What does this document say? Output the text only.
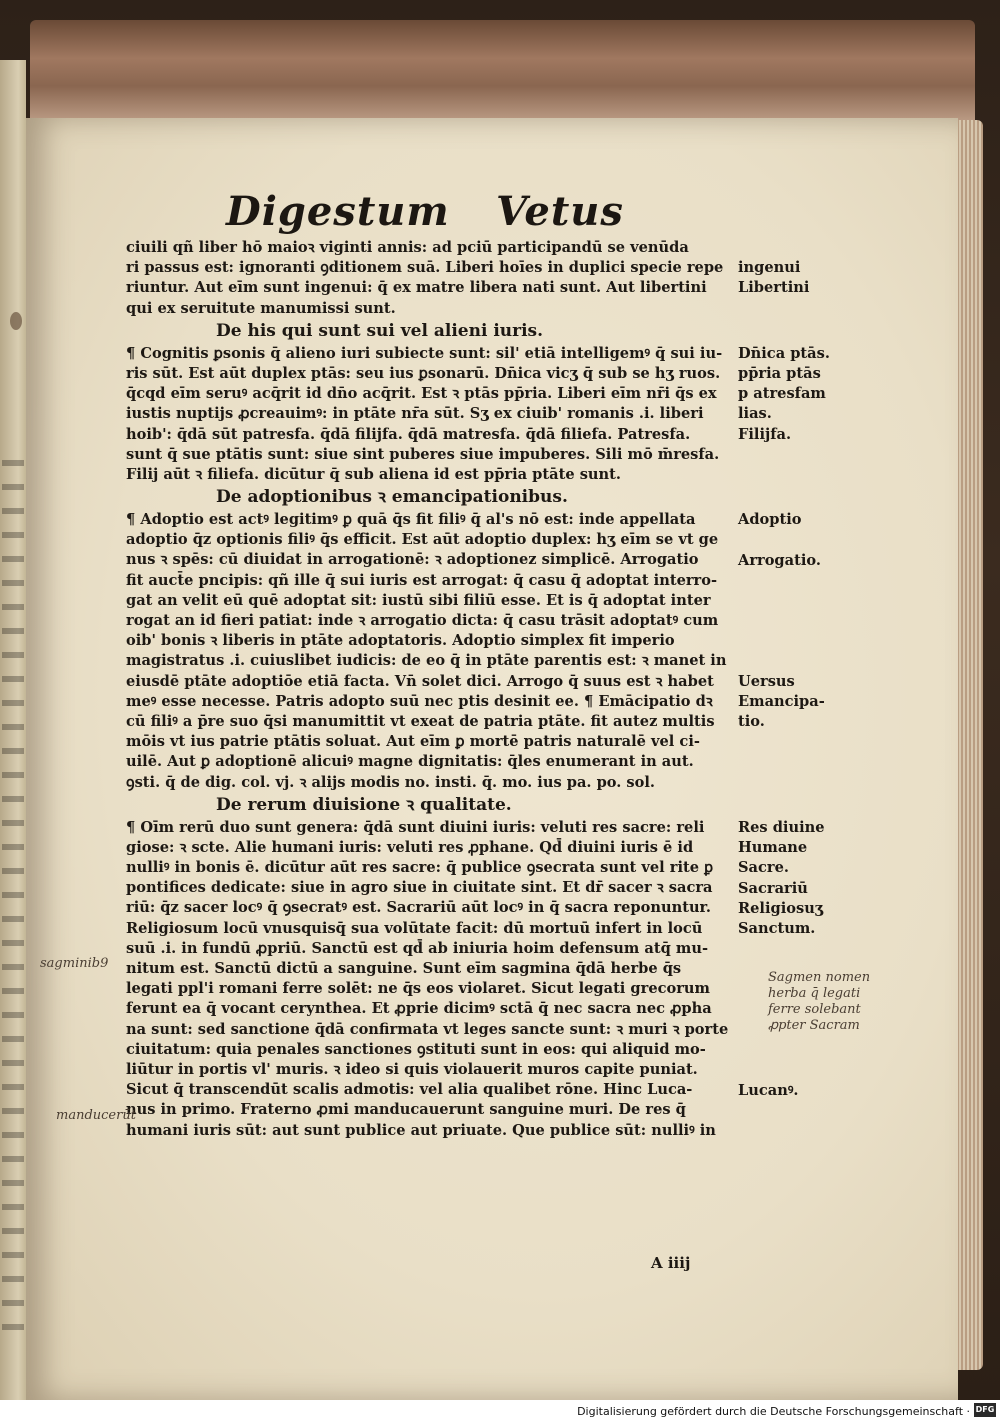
Digestum Vetus
ciuili qñ liber hō maioꝛ viginti annis: ad pciū participandū se venūda
ri passus est: ignoranti ꝯditionem suā. Liberi hoīes in duplici specie repe
riuntur. Aut eīm sunt ingenui: q̄ ex matre libera nati sunt. Aut libertini
qui ex seruitute manumissi sunt.
De his qui sunt sui vel alieni iuris.
¶ Cognitis ꝑsonis q̄ alieno iuri subiecte sunt: sil' etiā intelligemꝰ q̄ sui iu-
ris sūt. Est aūt duplex ptās: seu ius ꝑsonarū. Dn̄ica vicʒ q̄ sub se hʒ ruos.
q̄cqd eīm seruꝰ acq̄rit id dn̄o acq̄rit. Est ꝛ ptās pp̄ria. Liberi eīm nr̄i q̄s ex
iustis nuptijs ꝓcreauimꝰ: in ptāte nr̄a sūt. Sʒ ex ciuib' romanis .i. liberi
hoib': q̄dā sūt patresfa. q̄dā filijfa. q̄dā matresfa. q̄dā filiefa. Patresfa.
sunt q̄ sue ptātis sunt: siue sint puberes siue impuberes. Sili mō m̄resfa.
Filij aūt ꝛ filiefa. dicūtur q̄ sub aliena id est pp̄ria ptāte sunt.
De adoptionibus ꝛ emancipationibus.
¶ Adoptio est actꝰ legitimꝰ ꝑ quā q̄s fit filiꝰ q̄ al's nō est: inde appellata
adoptio q̄z optionis filiꝰ q̄s efficit. Est aūt adoptio duplex: hʒ eīm se vt ge
nus ꝛ spēs: cū diuidat in arrogationē: ꝛ adoptionez simplicē. Arrogatio
fit auct̄e pncipis: qñ ille q̄ sui iuris est arrogat: q̄ casu q̄ adoptat interro-
gat an velit eū quē adoptat sit: iustū sibi filiū esse. Et is q̄ adoptat inter
rogat an id fieri patiat: inde ꝛ arrogatio dicta: q̄ casu trāsit adoptatꝰ cum
oib' bonis ꝛ liberis in ptāte adoptatoris. Adoptio simplex fit imperio
magistratus .i. cuiuslibet iudicis: de eo q̄ in ptāte parentis est: ꝛ manet in
eiusdē ptāte adoptiōe etiā facta. Vn̄ solet dici. Arrogo q̄ suus est ꝛ habet
meꝰ esse necesse. Patris adopto suū nec ptis desinit ee. ¶ Emācipatio dꝛ
cū filiꝰ a p̄re suo q̄si manumittit vt exeat de patria ptāte. fit autez multis
mōis vt ius patrie ptātis soluat. Aut eīm ꝑ mortē patris naturalē vel ci-
uilē. Aut ꝑ adoptionē alicuiꝰ magne dignitatis: q̄les enumerant in aut.
ꝯsti. q̄ de dig. col. vj. ꝛ alijs modis no. insti. q̄. mo. ius pa. po. sol.
De rerum diuisione ꝛ qualitate.
¶ Oīm rerū duo sunt genera: q̄dā sunt diuini iuris: veluti res sacre: reli
giose: ꝛ scte. Alie humani iuris: veluti res ꝓphane. Qd̄ diuini iuris ē id
nulliꝰ in bonis ē. dicūtur aūt res sacre: q̄ publice ꝯsecrata sunt vel rite ꝑ
pontifices dedicate: siue in agro siue in ciuitate sint. Et dr̄ sacer ꝛ sacra
riū: q̄z sacer locꝰ q̄ ꝯsecratꝰ est. Sacrariū aūt locꝰ in q̄ sacra reponuntur.
Religiosum locū vnusquisq̄ sua volūtate facit: dū mortuū infert in locū
suū .i. in fundū ꝓpriū. Sanctū est qd̄ ab iniuria hoim defensum atq̄ mu-
nitum est. Sanctū dictū a sanguine. Sunt eīm sagmina q̄dā herbe q̄s
legati ppl'i romani ferre solēt: ne q̄s eos violaret. Sicut legati grecorum
ferunt ea q̄ vocant cerynthea. Et ꝓprie dicimꝰ sctā q̄ nec sacra nec ꝓpha
na sunt: sed sanctione q̄dā confirmata vt leges sancte sunt: ꝛ muri ꝛ porte
ciuitatum: quia penales sanctiones ꝯstituti sunt in eos: qui aliquid mo-
liūtur in portis vl' muris. ꝛ ideo si quis violauerit muros capite puniat.
Sicut q̄ transcendūt scalis admotis: vel alia qualibet rōne. Hinc Luca-
nus in primo. Fraterno ꝓmi manducauerunt sanguine muri. De res q̄
humani iuris sūt: aut sunt publice aut priuate. Que publice sūt: nulliꝰ in
ingenui
Libertini
Dn̄ica ptās.
pp̄ria ptās
p atresfam
lias.
Filijfa.
Adoptio
Arrogatio.
Uersus
Emancipa-
tio.
Res diuine
Humane
Sacre.
Sacrariū
Religiosuʒ
Sanctum.
Lucanꝰ.
sagminib9
manducerūt
Sagmen nomen
herba q̄ legati
ferre solebant
ꝓpter Sacram
A iiij
Digitalisierung gefördert durch die Deutsche Forschungsgemeinschaft · DFG
